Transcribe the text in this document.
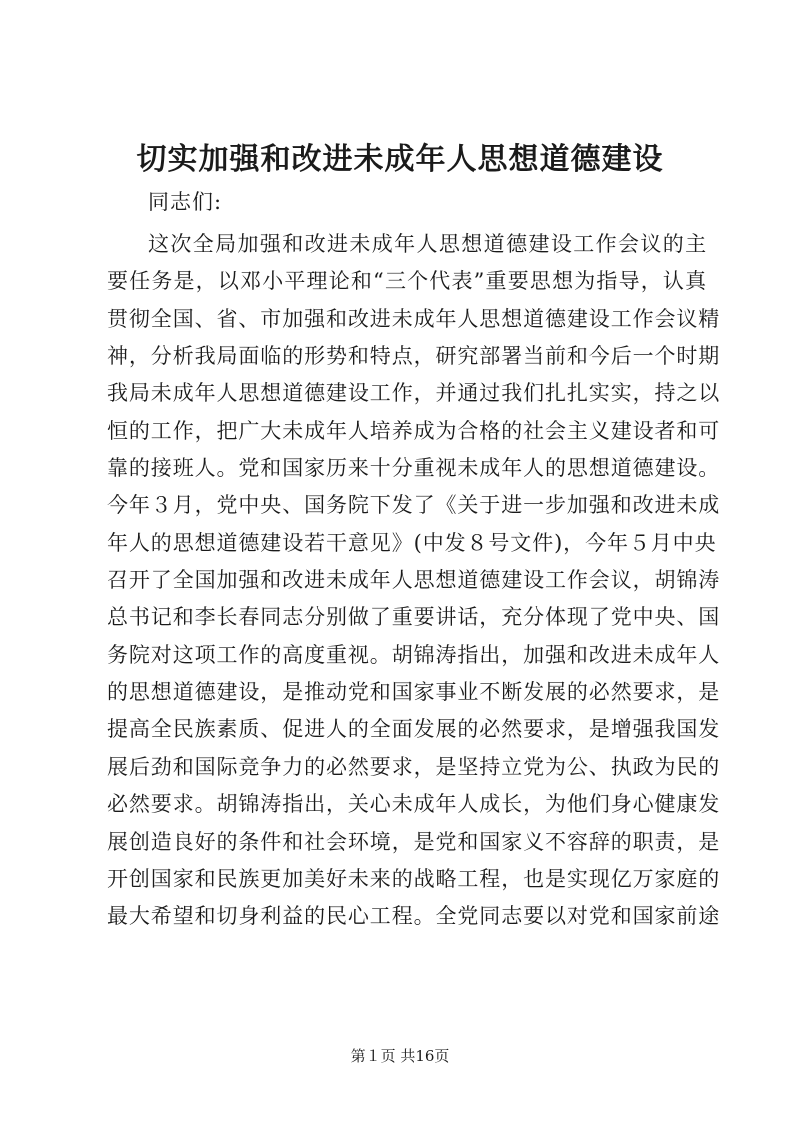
切实加强和改进未成年人思想道德建设

同志们:

这次全局加强和改进未成年人思想道德建设工作会议的主
要任务是，以邓小平理论和“三个代表”重要思想为指导，认真
贯彻全国、省、市加强和改进未成年人思想道德建设工作会议精
神，分析我局面临的形势和特点，研究部署当前和今后一个时期
我局未成年人思想道德建设工作，并通过我们扎扎实实，持之以
恒的工作，把广大未成年人培养成为合格的社会主义建设者和可
靠的接班人。党和国家历来十分重视未成年人的思想道德建设。
今年３月，党中央、国务院下发了《关于进一步加强和改进未成
年人的思想道德建设若干意见》(中发８号文件)，今年５月中央
召开了全国加强和改进未成年人思想道德建设工作会议，胡锦涛
总书记和李长春同志分别做了重要讲话，充分体现了党中央、国
务院对这项工作的高度重视。胡锦涛指出，加强和改进未成年人
的思想道德建设，是推动党和国家事业不断发展的必然要求，是
提高全民族素质、促进人的全面发展的必然要求，是增强我国发
展后劲和国际竞争力的必然要求，是坚持立党为公、执政为民的
必然要求。胡锦涛指出，关心未成年人成长，为他们身心健康发
展创造良好的条件和社会环境，是党和国家义不容辞的职责，是
开创国家和民族更加美好未来的战略工程，也是实现亿万家庭的
最大希望和切身利益的民心工程。全党同志要以对党和国家前途

第１页 共16页
